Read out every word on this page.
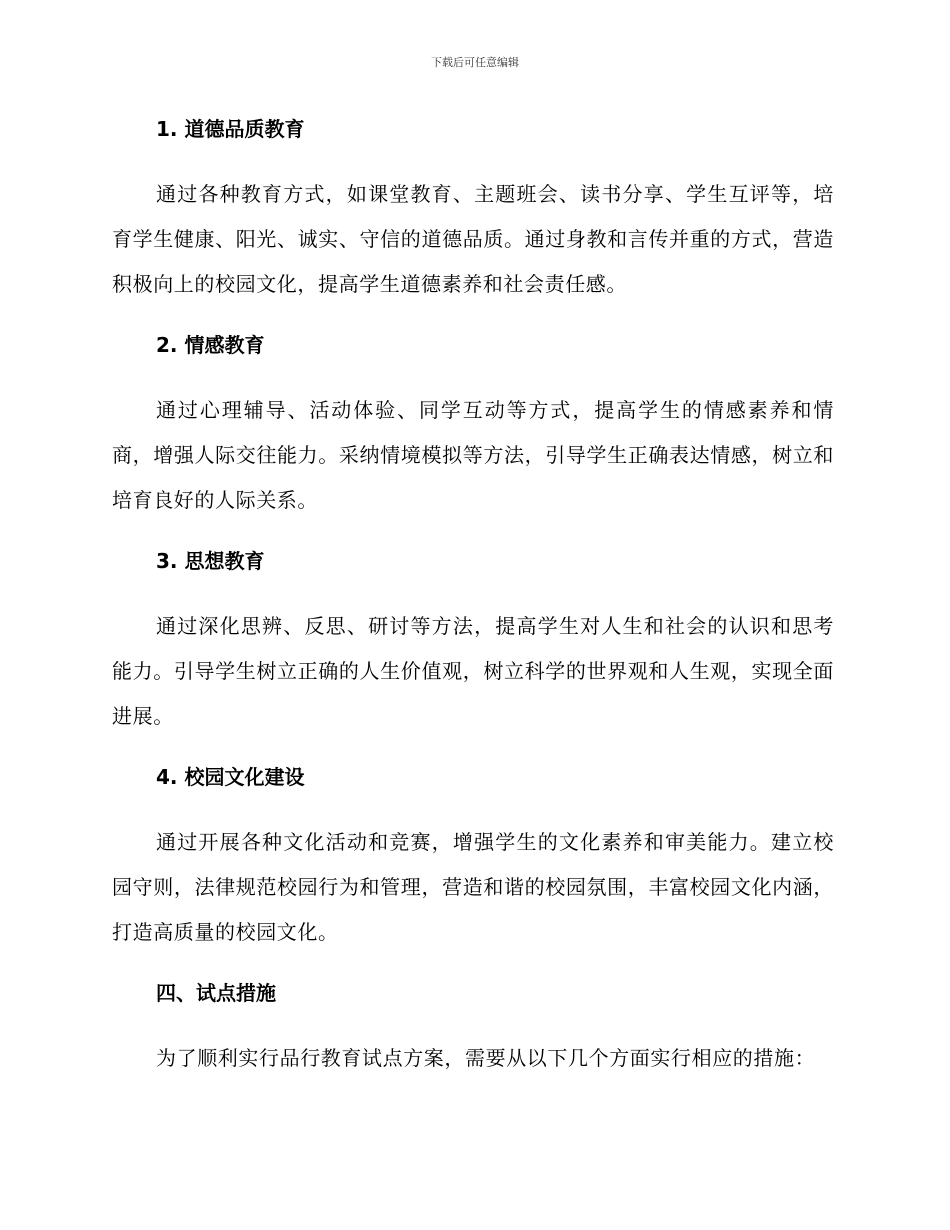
下载后可任意编辑
1. 道德品质教育
通过各种教育方式，如课堂教育、主题班会、读书分享、学生互评等，培育学生健康、阳光、诚实、守信的道德品质。通过身教和言传并重的方式，营造积极向上的校园文化，提高学生道德素养和社会责任感。
2. 情感教育
通过心理辅导、活动体验、同学互动等方式，提高学生的情感素养和情商，增强人际交往能力。采纳情境模拟等方法，引导学生正确表达情感，树立和培育良好的人际关系。
3. 思想教育
通过深化思辨、反思、研讨等方法，提高学生对人生和社会的认识和思考能力。引导学生树立正确的人生价值观，树立科学的世界观和人生观，实现全面进展。
4. 校园文化建设
通过开展各种文化活动和竞赛，增强学生的文化素养和审美能力。建立校园守则，法律规范校园行为和管理，营造和谐的校园氛围，丰富校园文化内涵，打造高质量的校园文化。
四、试点措施
为了顺利实行品行教育试点方案，需要从以下几个方面实行相应的措施：
